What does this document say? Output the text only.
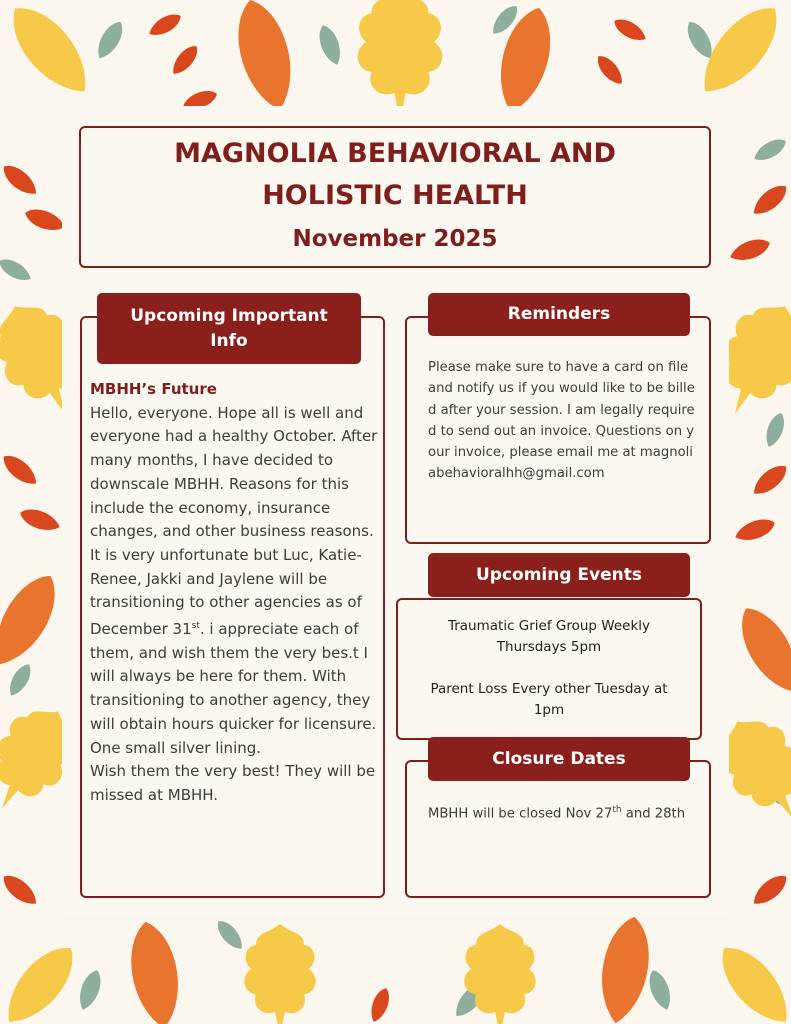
MAGNOLIA BEHAVIORAL AND
HOLISTIC HEALTH
November 2025
Upcoming Important
Info
MBHH’s Future
Hello, everyone. Hope all is well and everyone had a healthy October. After many months, I have decided to downscale MBHH. Reasons for this include the economy, insurance changes, and other business reasons. It is very unfortunate but Luc, Katie-Renee, Jakki and Jaylene will be transitioning to other agencies as of December 31st. i appreciate each of them, and wish them the very bes.t I will always be here for them. With transitioning to another agency, they will obtain hours quicker for licensure. One small silver lining.
Wish them the very best! They will be missed at MBHH.
Reminders
Please make sure to have a card on file and notify us if you would like to be billed after your session. I am legally required to send out an invoice. Questions on your invoice, please email me at magnoliabehavioralhh@gmail.com
Upcoming Events
Traumatic Grief Group Weekly
Thursdays 5pm
Parent Loss Every other Tuesday at
1pm
Closure Dates
MBHH will be closed Nov 27th and 28th
